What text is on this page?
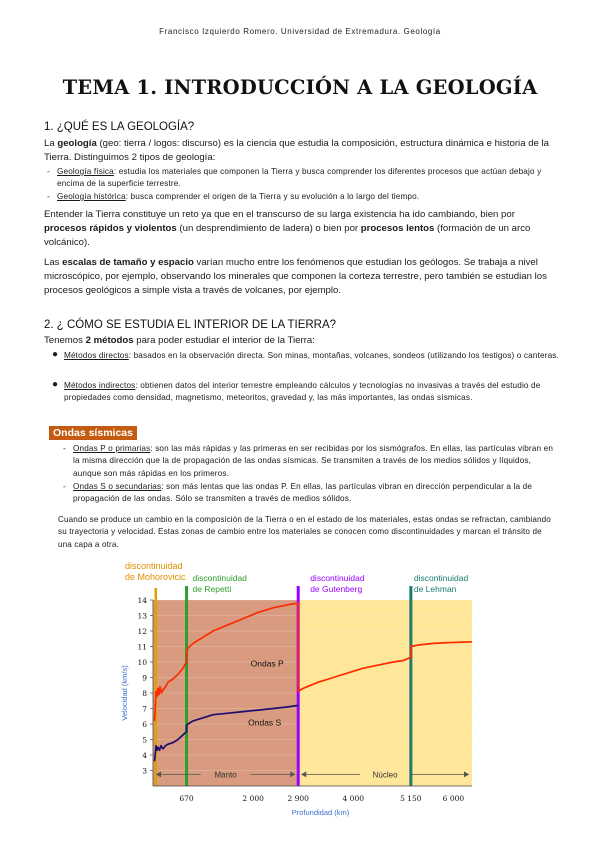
Francisco Izquierdo Romero. Universidad de Extremadura. Geología
TEMA 1. INTRODUCCIÓN A LA GEOLOGÍA
1. ¿QUÉ ES LA GEOLOGÍA?
La geología (geo: tierra / logos: discurso) es la ciencia que estudia la composición, estructura dinámica e historia de la Tierra. Distinguimos 2 tipos de geología:
- Geología física: estudia los materiales que componen la Tierra y busca comprender los diferentes procesos que actúan debajo y encima de la superficie terrestre.
- Geología histórica: busca comprender el origen de la Tierra y su evolución a lo largo del tiempo.
Entender la Tierra constituye un reto ya que en el transcurso de su larga existencia ha ido cambiando, bien por procesos rápidos y violentos (un desprendimiento de ladera) o bien por procesos lentos (formación de un arco volcánico).
Las escalas de tamaño y espacio varían mucho entre los fenómenos que estudian los geólogos. Se trabaja a nivel microscópico, por ejemplo, observando los minerales que componen la corteza terrestre, pero también se estudian los procesos geológicos a simple vista a través de volcanes, por ejemplo.
2. ¿ CÓMO SE ESTUDIA EL INTERIOR DE LA TIERRA?
Tenemos 2 métodos para poder estudiar el interior de la Tierra:
● Métodos directos: basados en la observación directa. Son minas, montañas, volcanes, sondeos (utilizando los testigos) o canteras.
● Métodos indirectos: obtienen datos del interior terrestre empleando cálculos y tecnologías no invasivas a través del estudio de propiedades como densidad, magnetismo, meteoritos, gravedad y, las más importantes, las ondas sísmicas.
Ondas sísmicas
- Ondas P o primarias: son las más rápidas y las primeras en ser recibidas por los sismógrafos. En ellas, las partículas vibran en la misma dirección que la de propagación de las ondas sísmicas. Se transmiten a través de los medios sólidos y líquidos, aunque son más rápidas en los primeros.
- Ondas S o secundarias: son más lentas que las ondas P. En ellas, las partículas vibran en dirección perpendicular a la de propagación de las ondas. Sólo se transmiten a través de medios sólidos.
Cuando se produce un cambio en la composición de la Tierra o en el estado de los materiales, estas ondas se refractan, cambiando su trayectoria y velocidad. Estas zonas de cambio entre los materiales se conocen como discontinuidades y marcan el tránsito de una capa a otra.
3
4
5
6
7
8
9
10
11
12
13
14
670	2 000	2 900	4 000	5 150	6 000
Profundidad (km)
Velocidad (km/s)
Manto	Núcleo
Ondas P
Ondas S
discontinuidad
de Mohorovicic discontinuidad
de Repetti
discontinuidad
de Gutenberg
discontinuidad
de Lehman
